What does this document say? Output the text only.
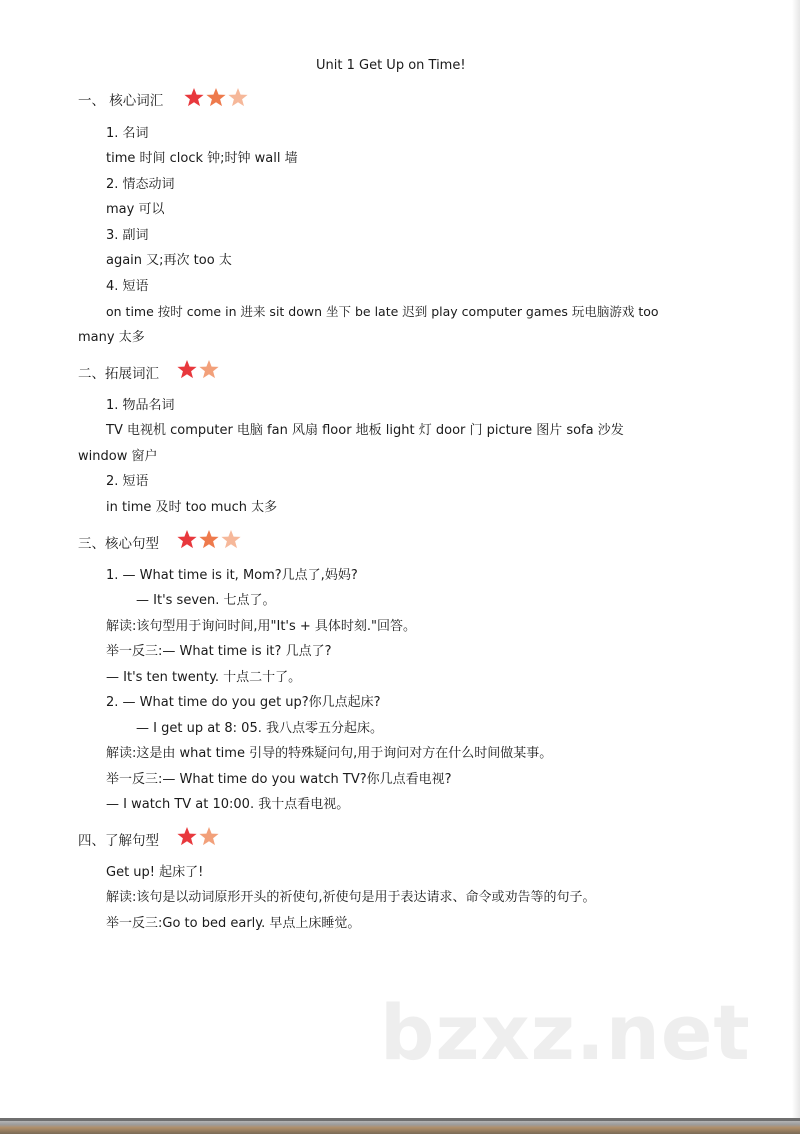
Unit 1 Get Up on Time!
一、 核心词汇
1. 名词
time 时间 clock 钟;时钟 wall 墙
2. 情态动词
may 可以
3. 副词
again 又;再次 too 太
4. 短语
on time 按时 come in 进来 sit down 坐下 be late 迟到 play computer games 玩电脑游戏 too
many 太多
二、拓展词汇
1. 物品名词
TV 电视机 computer 电脑 fan 风扇 floor 地板 light 灯 door 门 picture 图片 sofa 沙发
window 窗户
2. 短语
in time 及时 too much 太多
三、核心句型
1. — What time is it, Mom?几点了,妈妈?
— It's seven. 七点了。
解读:该句型用于询问时间,用"It's + 具体时刻."回答。
举一反三:— What time is it? 几点了?
— It's ten twenty. 十点二十了。
2. — What time do you get up?你几点起床?
— I get up at 8: 05. 我八点零五分起床。
解读:这是由 what time 引导的特殊疑问句,用于询问对方在什么时间做某事。
举一反三:— What time do you watch TV?你几点看电视?
— I watch TV at 10:00. 我十点看电视。
四、了解句型
Get up! 起床了!
解读:该句是以动词原形开头的祈使句,祈使句是用于表达请求、命令或劝告等的句子。
举一反三:Go to bed early. 早点上床睡觉。
bzxz.net
